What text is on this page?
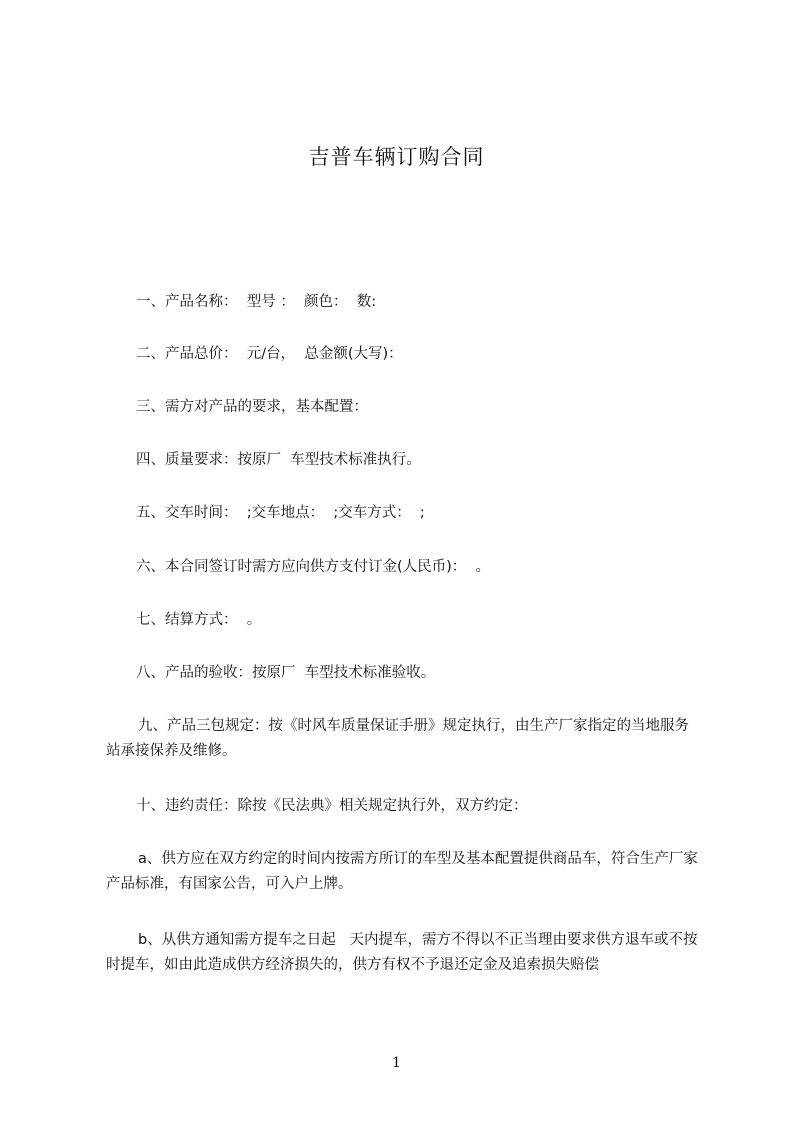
吉普车辆订购合同
一、产品名称：  型号 ：  颜色：  数:
二、产品总价：  元/台，  总金额(大写)：
三、需方对产品的要求，基本配置：
四、质量要求：按原厂  车型技术标准执行。
五、交车时间：  ;交车地点：  ;交车方式：  ;
六、本合同签订时需方应向供方支付订金(人民币)：  。
七、结算方式：  。
八、产品的验收：按原厂  车型技术标准验收。
九、产品三包规定：按《时风车质量保证手册》规定执行，由生产厂家指定的当地服务站承接保养及维修。
十、违约责任：除按《民法典》相关规定执行外，双方约定：
a、供方应在双方约定的时间内按需方所订的车型及基本配置提供商品车，符合生产厂家产品标准，有国家公告，可入户上牌。
b、从供方通知需方提车之日起   天内提车，需方不得以不正当理由要求供方退车或不按时提车，如由此造成供方经济损失的，供方有权不予退还定金及追索损失赔偿
1
